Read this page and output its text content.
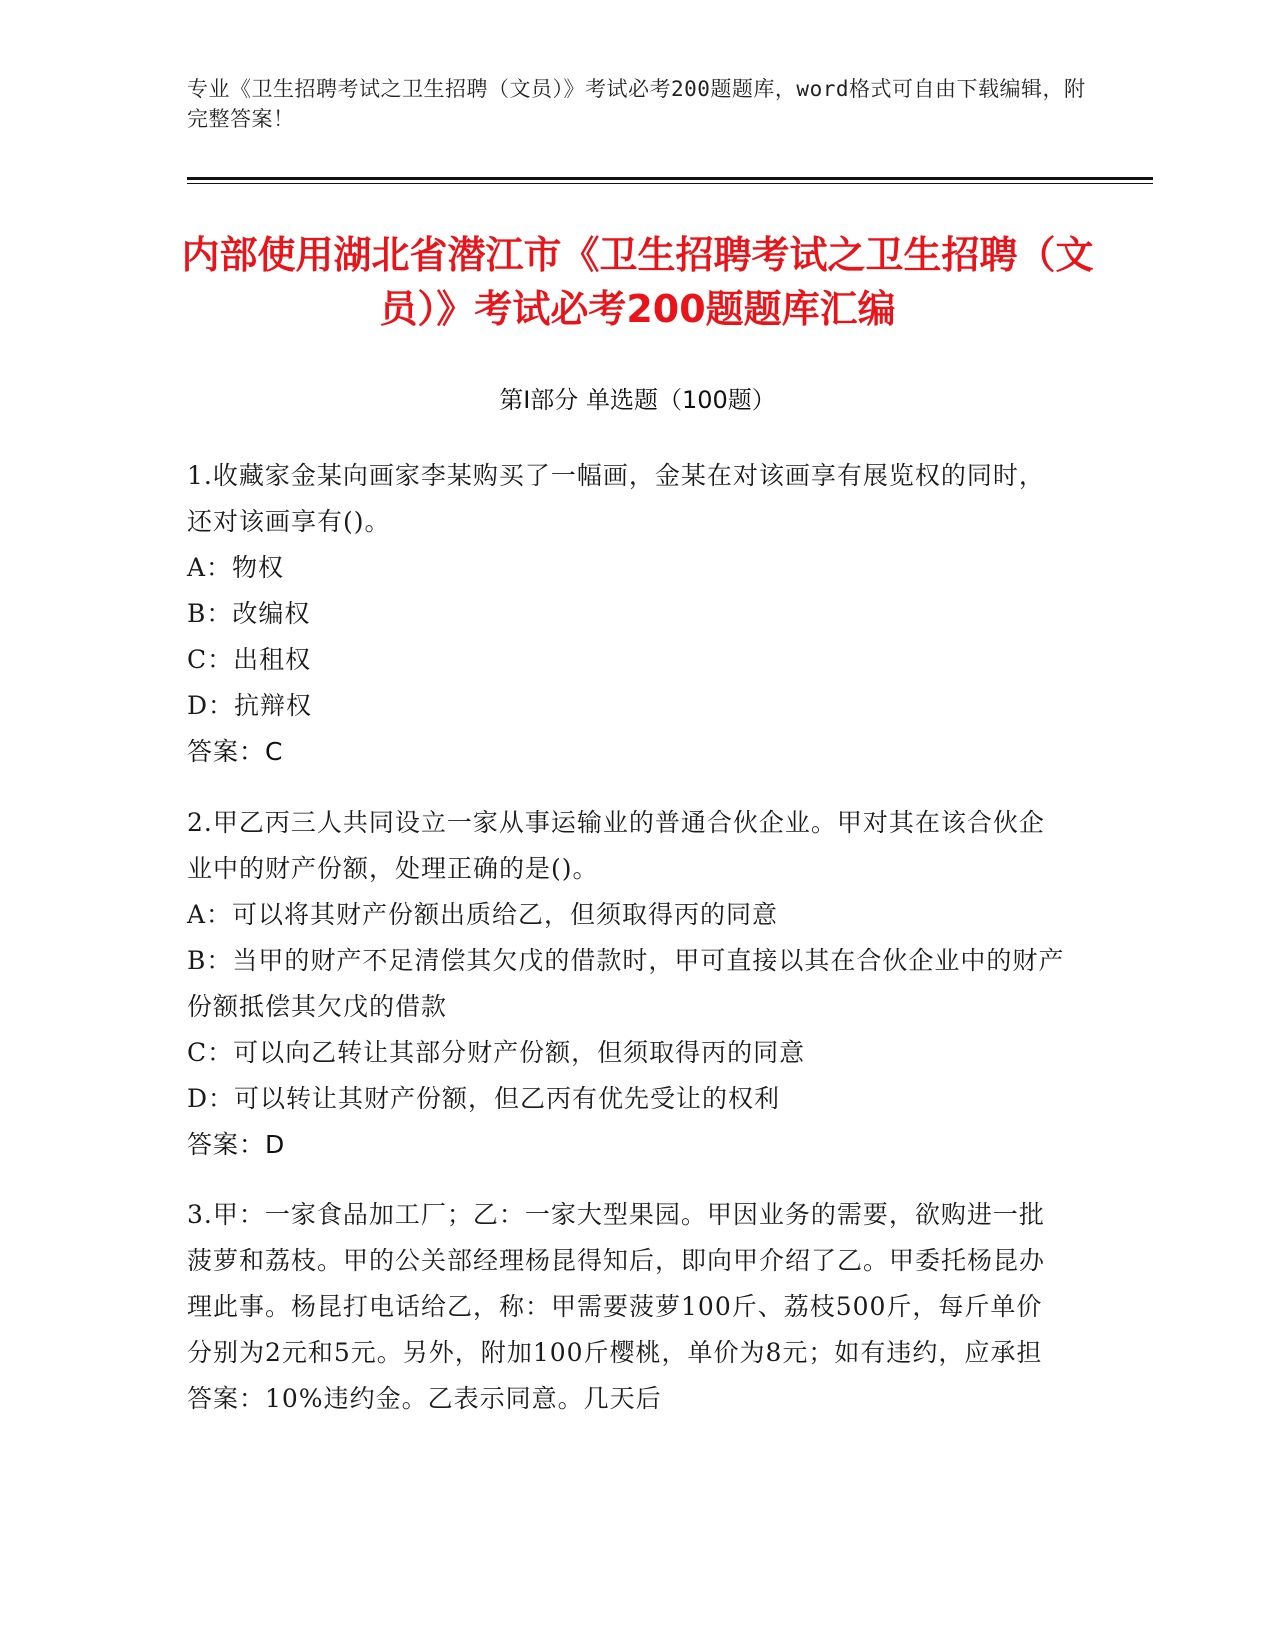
专业《卫生招聘考试之卫生招聘（文员）》考试必考200题题库，word格式可自由下载编辑，附完整答案！
内部使用湖北省潜江市《卫生招聘考试之卫生招聘（文员）》考试必考200题题库汇编
第Ⅰ部分 单选题（100题）

1.收藏家金某向画家李某购买了一幅画，金某在对该画享有展览权的同时，还对该画享有()。

A：物权

B：改编权

C：出租权

D：抗辩权

答案：C

2.甲乙丙三人共同设立一家从事运输业的普通合伙企业。甲对其在该合伙企业中的财产份额，处理正确的是()。

A：可以将其财产份额出质给乙，但须取得丙的同意

B：当甲的财产不足清偿其欠戊的借款时，甲可直接以其在合伙企业中的财产份额抵偿其欠戊的借款

C：可以向乙转让其部分财产份额，但须取得丙的同意

D：可以转让其财产份额，但乙丙有优先受让的权利

答案：D

3.甲：一家食品加工厂；乙：一家大型果园。甲因业务的需要，欲购进一批菠萝和荔枝。甲的公关部经理杨昆得知后，即向甲介绍了乙。甲委托杨昆办理此事。杨昆打电话给乙，称：甲需要菠萝100斤、荔枝500斤，每斤单价分别为2元和5元。另外，附加100斤樱桃，单价为8元；如有违约，应承担答案：10%违约金。乙表示同意。几天后
